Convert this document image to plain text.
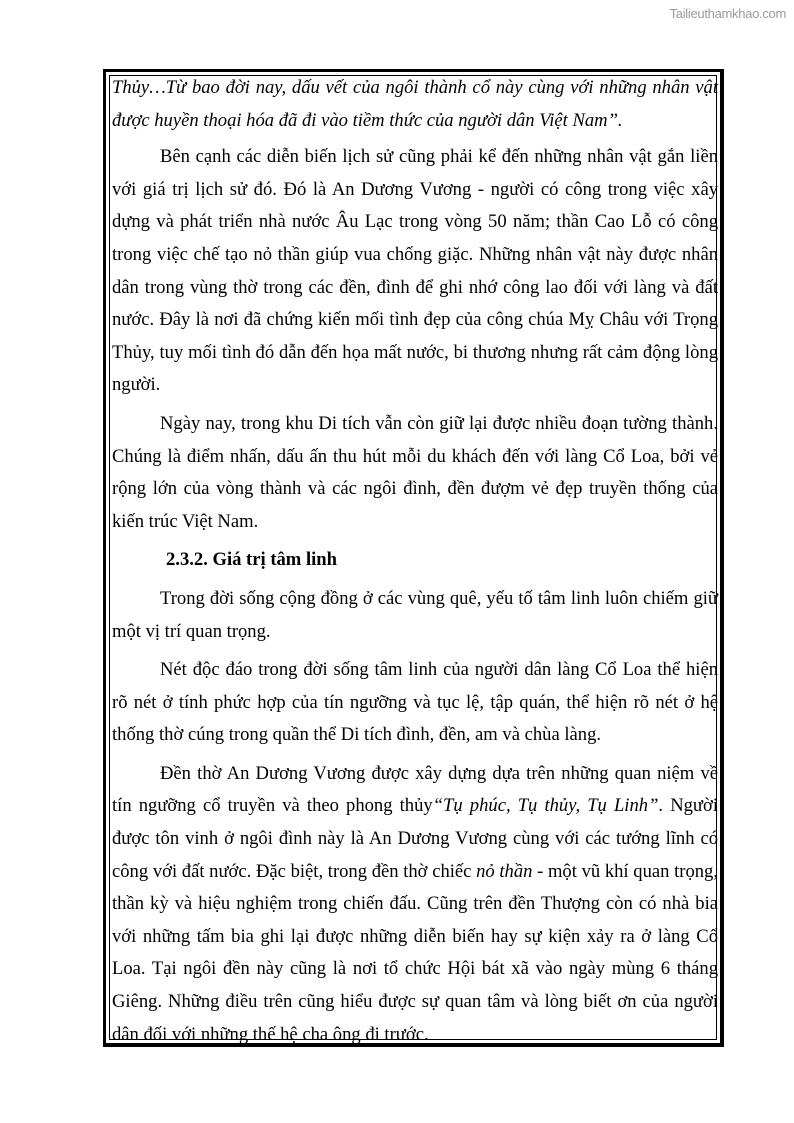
Tailieuthamkhao.com

Thủy…Từ bao đời nay, dấu vết của ngôi thành cổ này cùng với những nhân vật được huyền thoại hóa đã đi vào tiềm thức của người dân Việt Nam”.

Bên cạnh các diễn biến lịch sử cũng phải kể đến những nhân vật gắn liền với giá trị lịch sử đó. Đó là An Dương Vương - người có công trong việc xây dựng và phát triển nhà nước Âu Lạc trong vòng 50 năm; thần Cao Lỗ có công trong việc chế tạo nỏ thần giúp vua chống giặc. Những nhân vật này được nhân dân trong vùng thờ trong các đền, đình để ghi nhớ công lao đối với làng và đất nước. Đây là nơi đã chứng kiến mối tình đẹp của công chúa Mỵ Châu với Trọng Thủy, tuy mối tình đó dẫn đến họa mất nước, bi thương nhưng rất cảm động lòng người.

Ngày nay, trong khu Di tích vẫn còn giữ lại được nhiều đoạn tường thành. Chúng là điểm nhấn, dấu ấn thu hút mỗi du khách đến với làng Cổ Loa, bởi vẻ rộng lớn của vòng thành và các ngôi đình, đền đượm vẻ đẹp truyền thống của kiến trúc Việt Nam.

2.3.2. Giá trị tâm linh

Trong đời sống cộng đồng ở các vùng quê, yếu tố tâm linh luôn chiếm giữ một vị trí quan trọng.

Nét độc đáo trong đời sống tâm linh của người dân làng Cổ Loa thể hiện rõ nét ở tính phức hợp của tín ngưỡng và tục lệ, tập quán, thể hiện rõ nét ở hệ thống thờ cúng trong quần thể Di tích đình, đền, am và chùa làng.

Đền thờ An Dương Vương được xây dựng dựa trên những quan niệm về tín ngưỡng cổ truyền và theo phong thủy“Tụ phúc, Tụ thủy, Tụ Linh”. Người được tôn vinh ở ngôi đình này là An Dương Vương cùng với các tướng lĩnh có công với đất nước. Đặc biệt, trong đền thờ chiếc nỏ thần - một vũ khí quan trọng, thần kỳ và hiệu nghiệm trong chiến đấu. Cũng trên đền Thượng còn có nhà bia với những tấm bia ghi lại được những diễn biến hay sự kiện xảy ra ở làng Cổ Loa. Tại ngôi đền này cũng là nơi tổ chức Hội bát xã vào ngày mùng 6 tháng Giêng. Những điều trên cũng hiểu được sự quan tâm và lòng biết ơn của người dân đối với những thế hệ cha ông đi trước.
